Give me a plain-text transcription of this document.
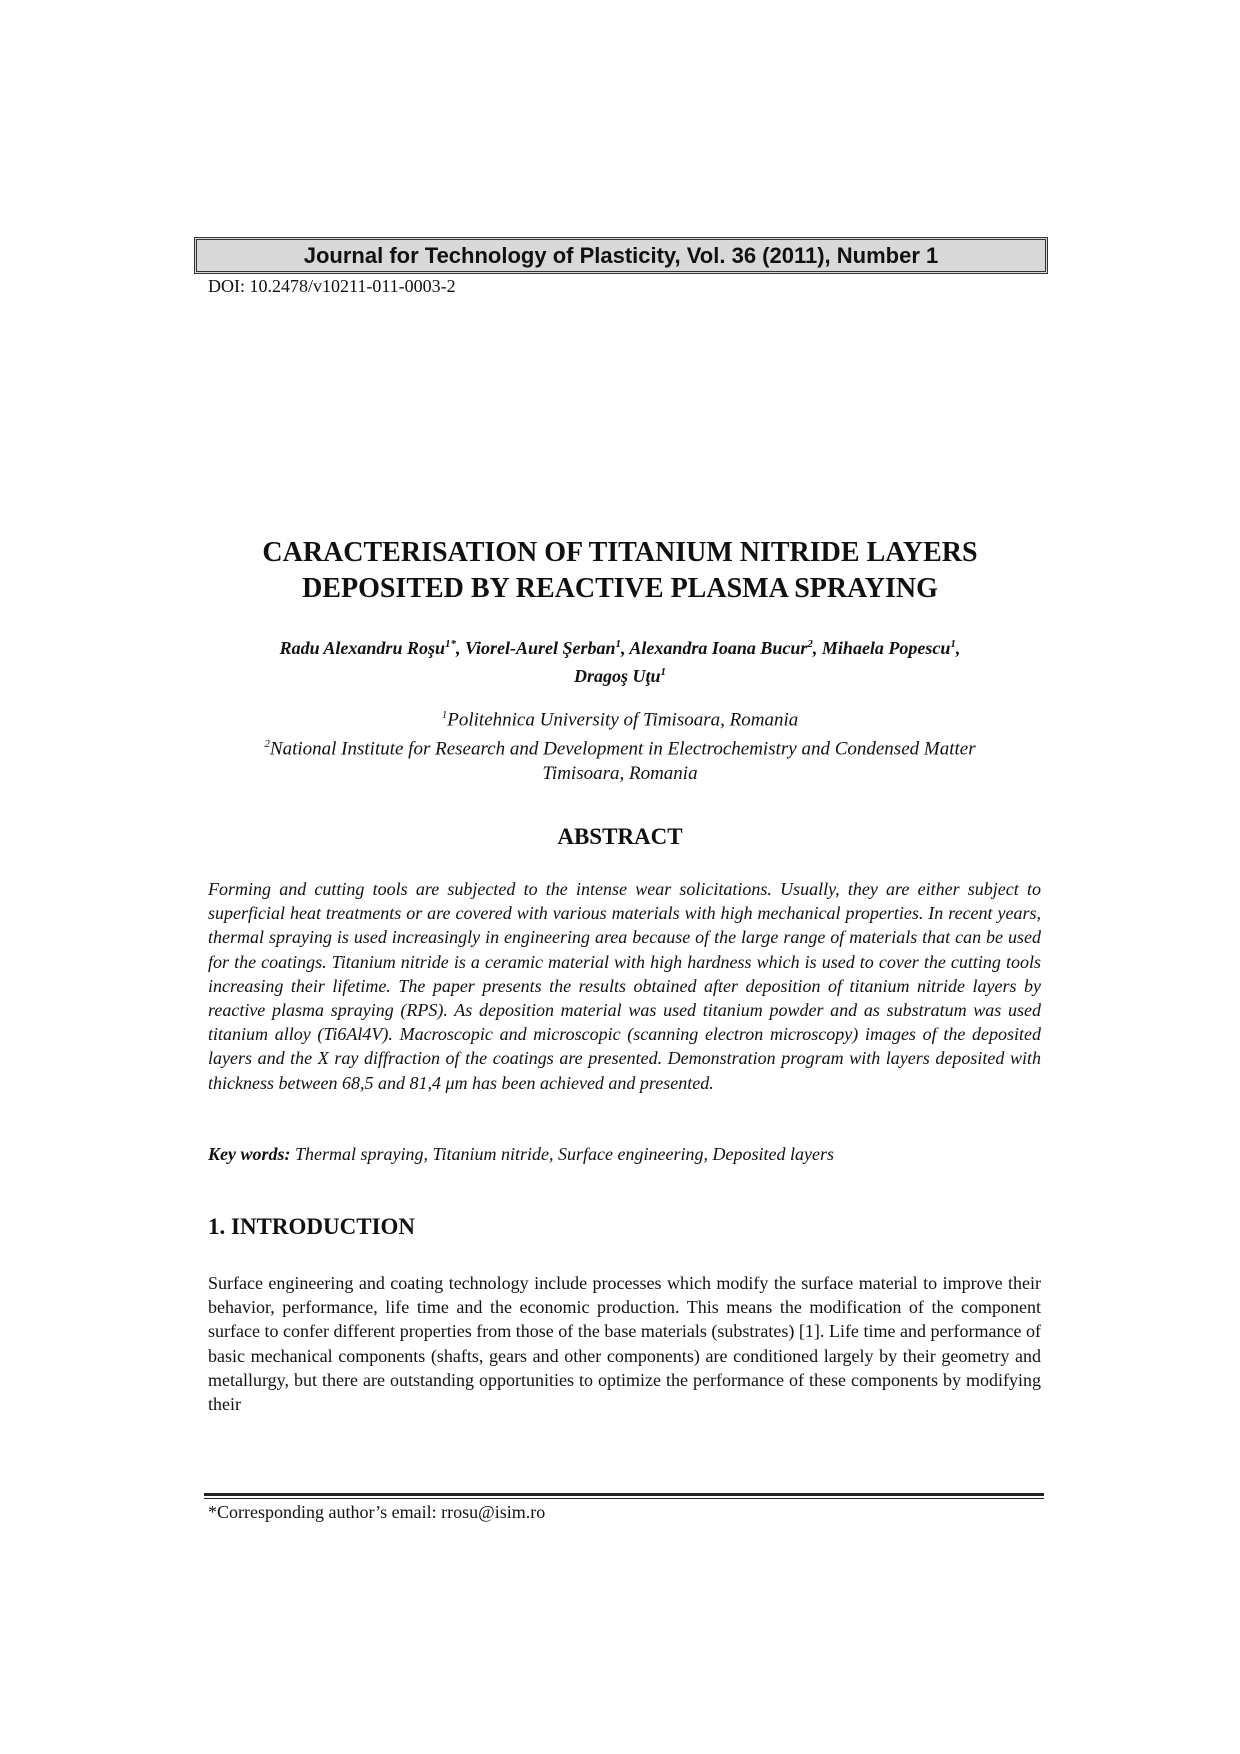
Journal for Technology of Plasticity, Vol. 36 (2011), Number 1
DOI: 10.2478/v10211-011-0003-2
CARACTERISATION OF TITANIUM NITRIDE LAYERS
DEPOSITED BY REACTIVE PLASMA SPRAYING

Radu Alexandru Roşu$^{1*}$, Viorel-Aurel Şerban$^1$, Alexandra Ioana Bucur$^2$, Mihaela Popescu$^1$,
Dragoş Uţu$^1$

$^1$Politehnica University of Timisoara, Romania
$^2$National Institute for Research and Development in Electrochemistry and Condensed Matter
Timisoara, Romania

ABSTRACT

Forming and cutting tools are subjected to the intense wear solicitations. Usually, they are either subject to superficial heat treatments or are covered with various materials with high mechanical properties. In recent years, thermal spraying is used increasingly in engineering area because of the large range of materials that can be used for the coatings. Titanium nitride is a ceramic material with high hardness which is used to cover the cutting tools increasing their lifetime. The paper presents the results obtained after deposition of titanium nitride layers by reactive plasma spraying (RPS). As deposition material was used titanium powder and as substratum was used titanium alloy (Ti6Al4V). Macroscopic and microscopic (scanning electron microscopy) images of the deposited layers and the X ray diffraction of the coatings are presented. Demonstration program with layers deposited with thickness between 68,5 and 81,4 μm has been achieved and presented.

Key words: Thermal spraying, Titanium nitride, Surface engineering, Deposited layers

1. INTRODUCTION

Surface engineering and coating technology include processes which modify the surface material to improve their behavior, performance, life time and the economic production. This means the modification of the component surface to confer different properties from those of the base materials (substrates) [1]. Life time and performance of basic mechanical components (shafts, gears and other components) are conditioned largely by their geometry and metallurgy, but there are outstanding opportunities to optimize the performance of these components by modifying their

*Corresponding author’s email: rrosu@isim.ro
